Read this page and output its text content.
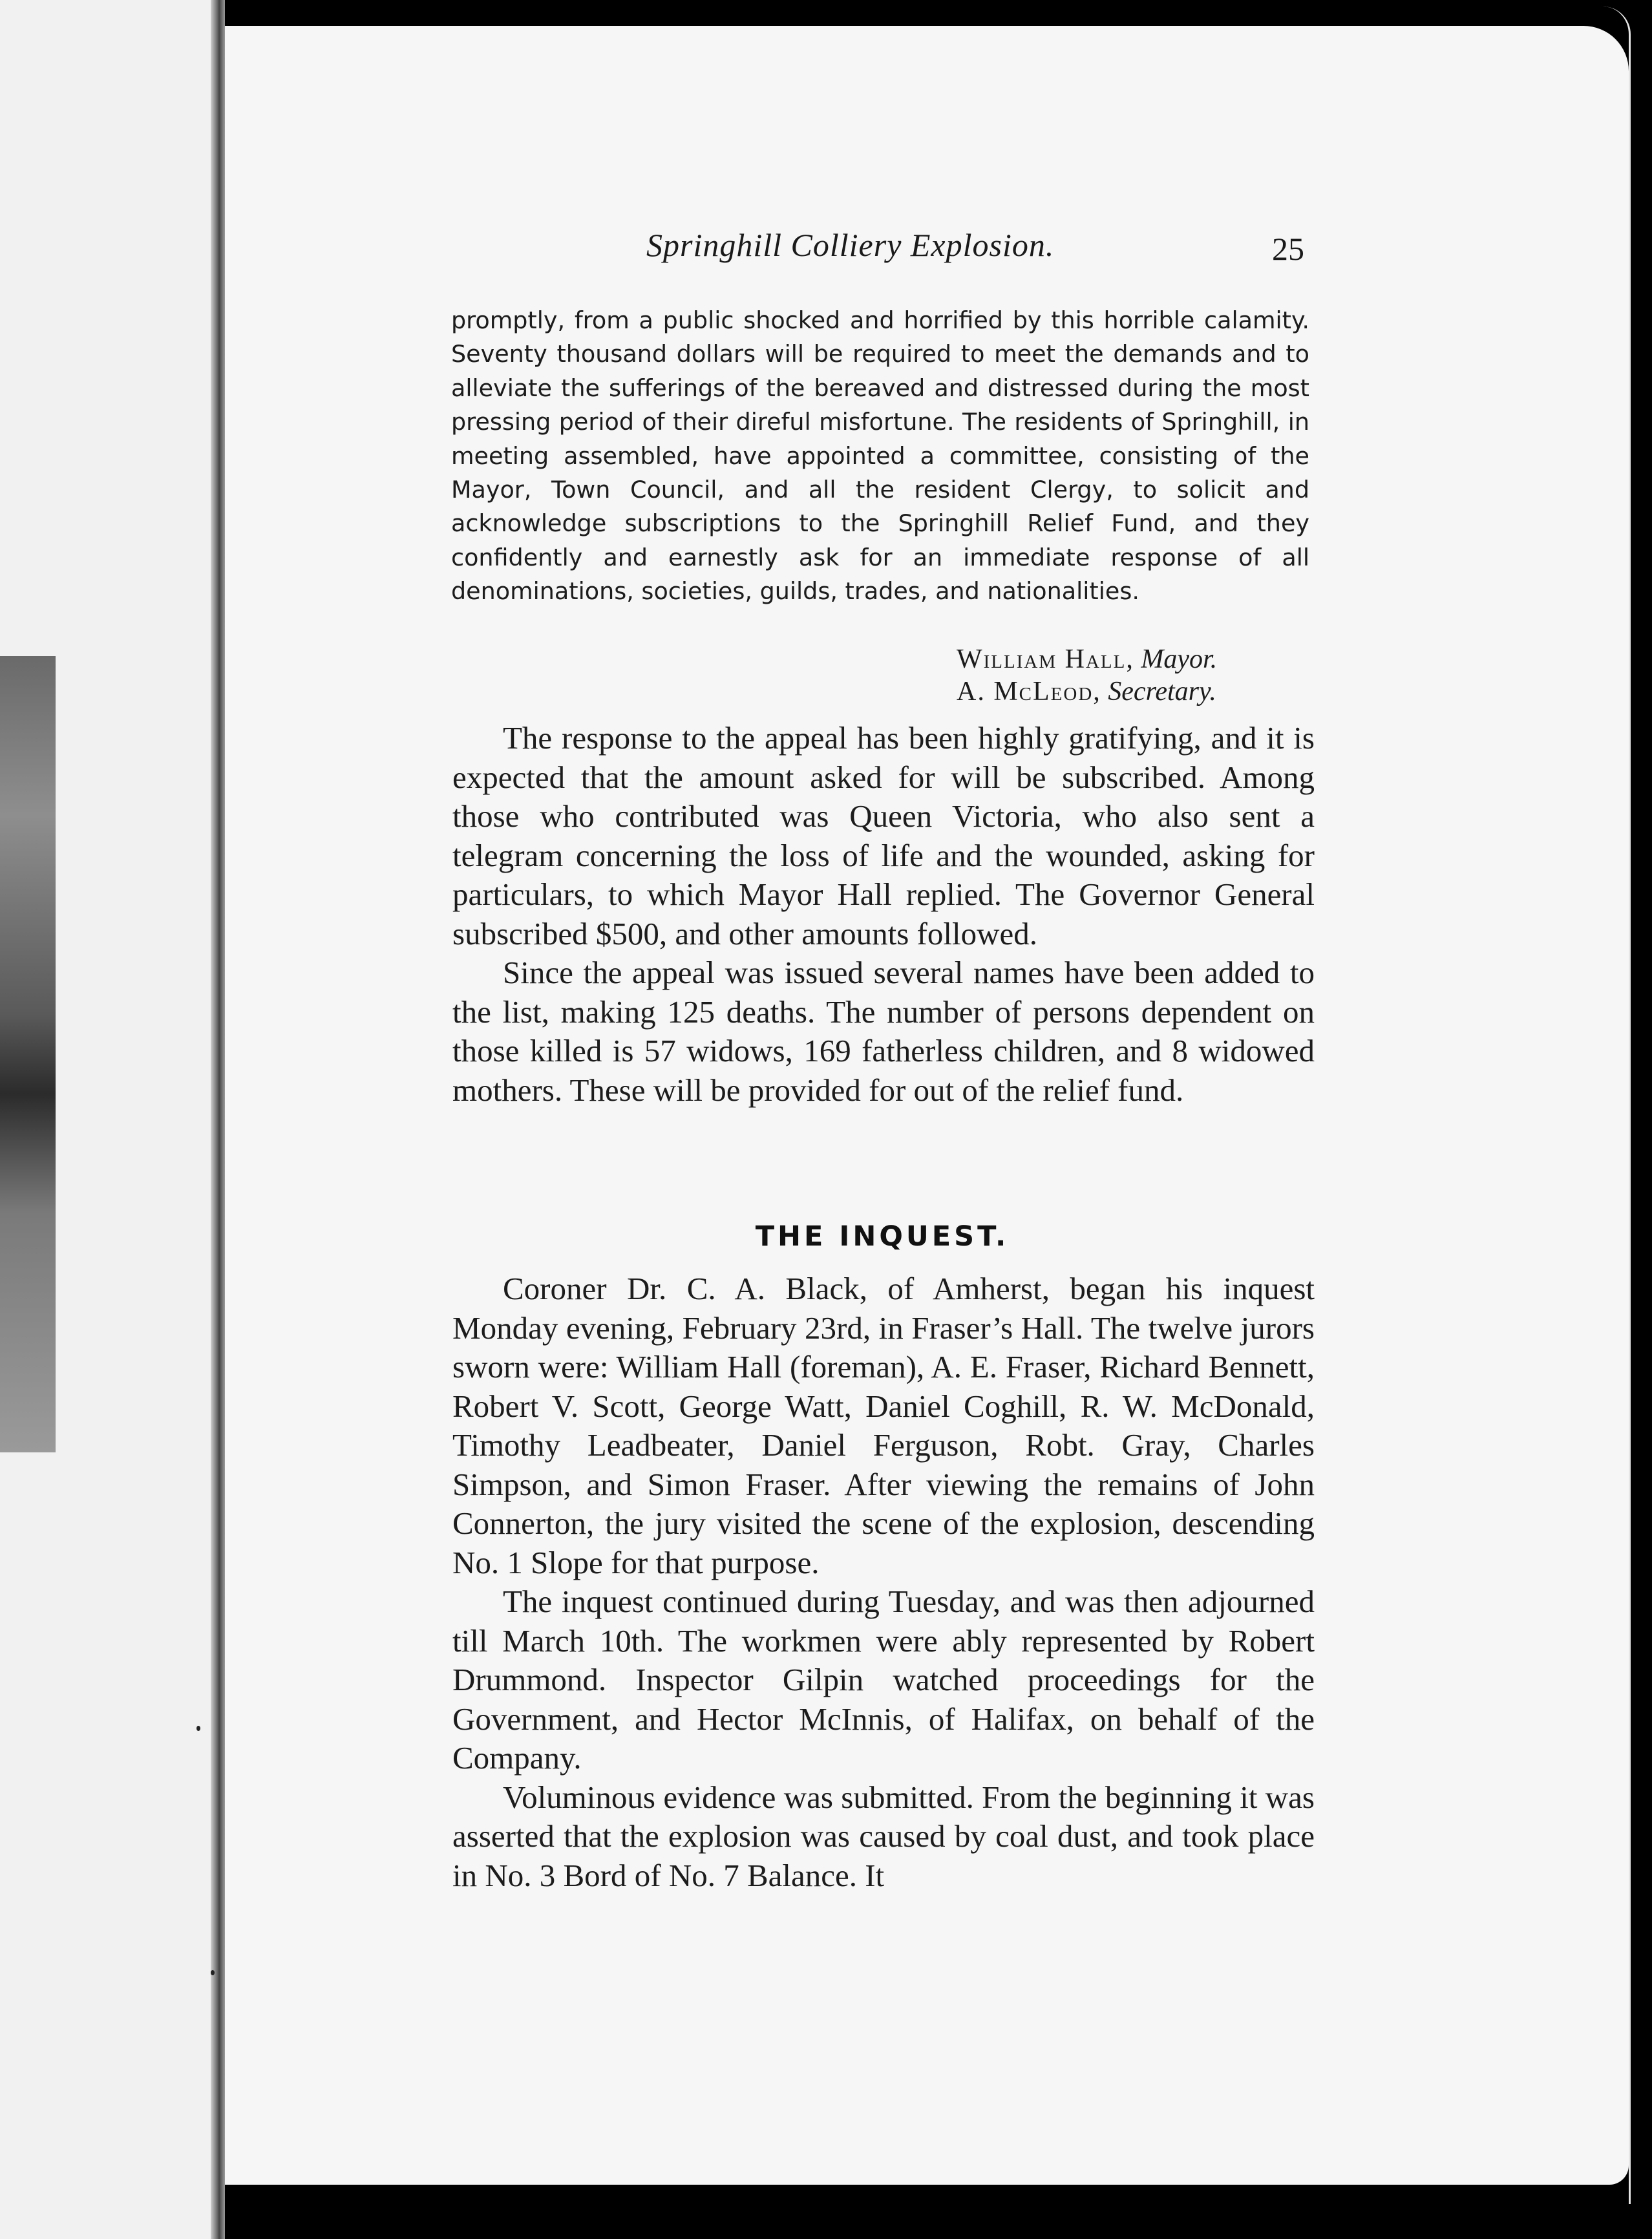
Springhill Colliery Explosion.	25

promptly, from a public shocked and horrified by this horrible calamity. Seventy thousand dollars will be required to meet the demands and to alleviate the sufferings of the bereaved and distressed during the most pressing period of their direful misfortune. The residents of Springhill, in meeting assembled, have appointed a committee, consisting of the Mayor, Town Council, and all the resident Clergy, to solicit and acknowledge subscriptions to the Springhill Relief Fund, and they confidently and earnestly ask for an immediate response of all denominations, societies, guilds, trades, and nationalities.

William Hall, Mayor.
A. McLeod, Secretary.

The response to the appeal has been highly gratifying, and it is expected that the amount asked for will be subscribed. Among those who contributed was Queen Victoria, who also sent a telegram concerning the loss of life and the wounded, asking for particulars, to which Mayor Hall replied. The Governor General subscribed $500, and other amounts followed.

Since the appeal was issued several names have been added to the list, making 125 deaths. The number of persons dependent on those killed is 57 widows, 169 fatherless children, and 8 widowed mothers. These will be provided for out of the relief fund.

THE INQUEST.

Coroner Dr. C. A. Black, of Amherst, began his inquest Monday evening, February 23rd, in Fraser’s Hall. The twelve jurors sworn were: William Hall (foreman), A. E. Fraser, Richard Bennett, Robert V. Scott, George Watt, Daniel Coghill, R. W. McDonald, Timothy Leadbeater, Daniel Ferguson, Robt. Gray, Charles Simpson, and Simon Fraser. After viewing the remains of John Connerton, the jury visited the scene of the explosion, descending No. 1 Slope for that purpose.

The inquest continued during Tuesday, and was then adjourned till March 10th. The workmen were ably represented by Robert Drummond. Inspector Gilpin watched proceedings for the Government, and Hector McInnis, of Halifax, on behalf of the Company.

Voluminous evidence was submitted. From the beginning it was asserted that the explosion was caused by coal dust, and took place in No. 3 Bord of No. 7 Balance. It
